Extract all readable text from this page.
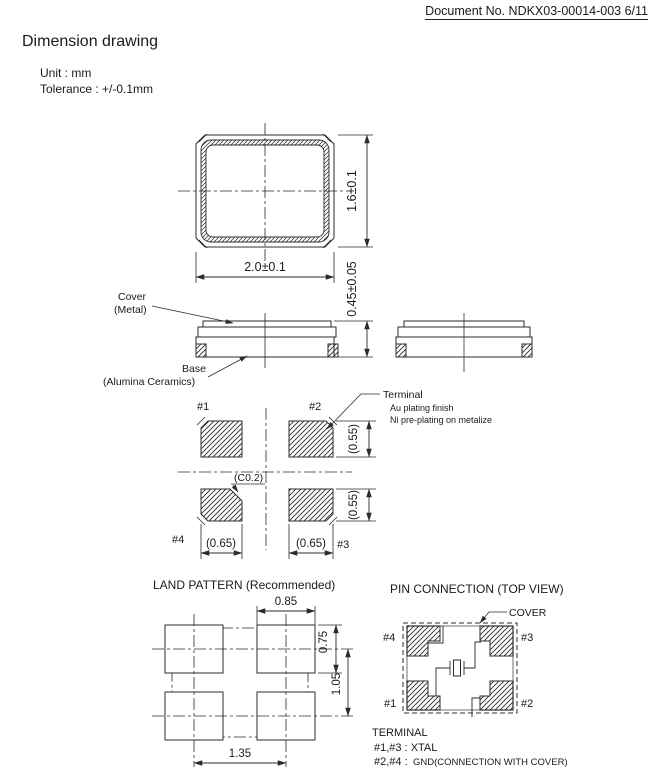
Document No. NDKX03-00014-003 6/11
Dimension drawing
Unit : mm
Tolerance : +/-0.1mm
2.0±0.1
1.6±0.1
0.45±0.05
Cover
(Metal)
Base
(Alumina Ceramics)
#1	#2
#3
#4
(0.55)
(0.55)
(0.65)	(0.65)
(C0.2)
Terminal
Au plating finish
Ni pre-plating on metalize
LAND PATTERN (Recommended)
0.85
0.75
1.05
1.35
PIN CONNECTION (TOP VIEW)
COVER
#4	#3
#1	#2
TERMINAL
#1,#3 : XTAL
#2,#4 : GND(CONNECTION WITH COVER)
